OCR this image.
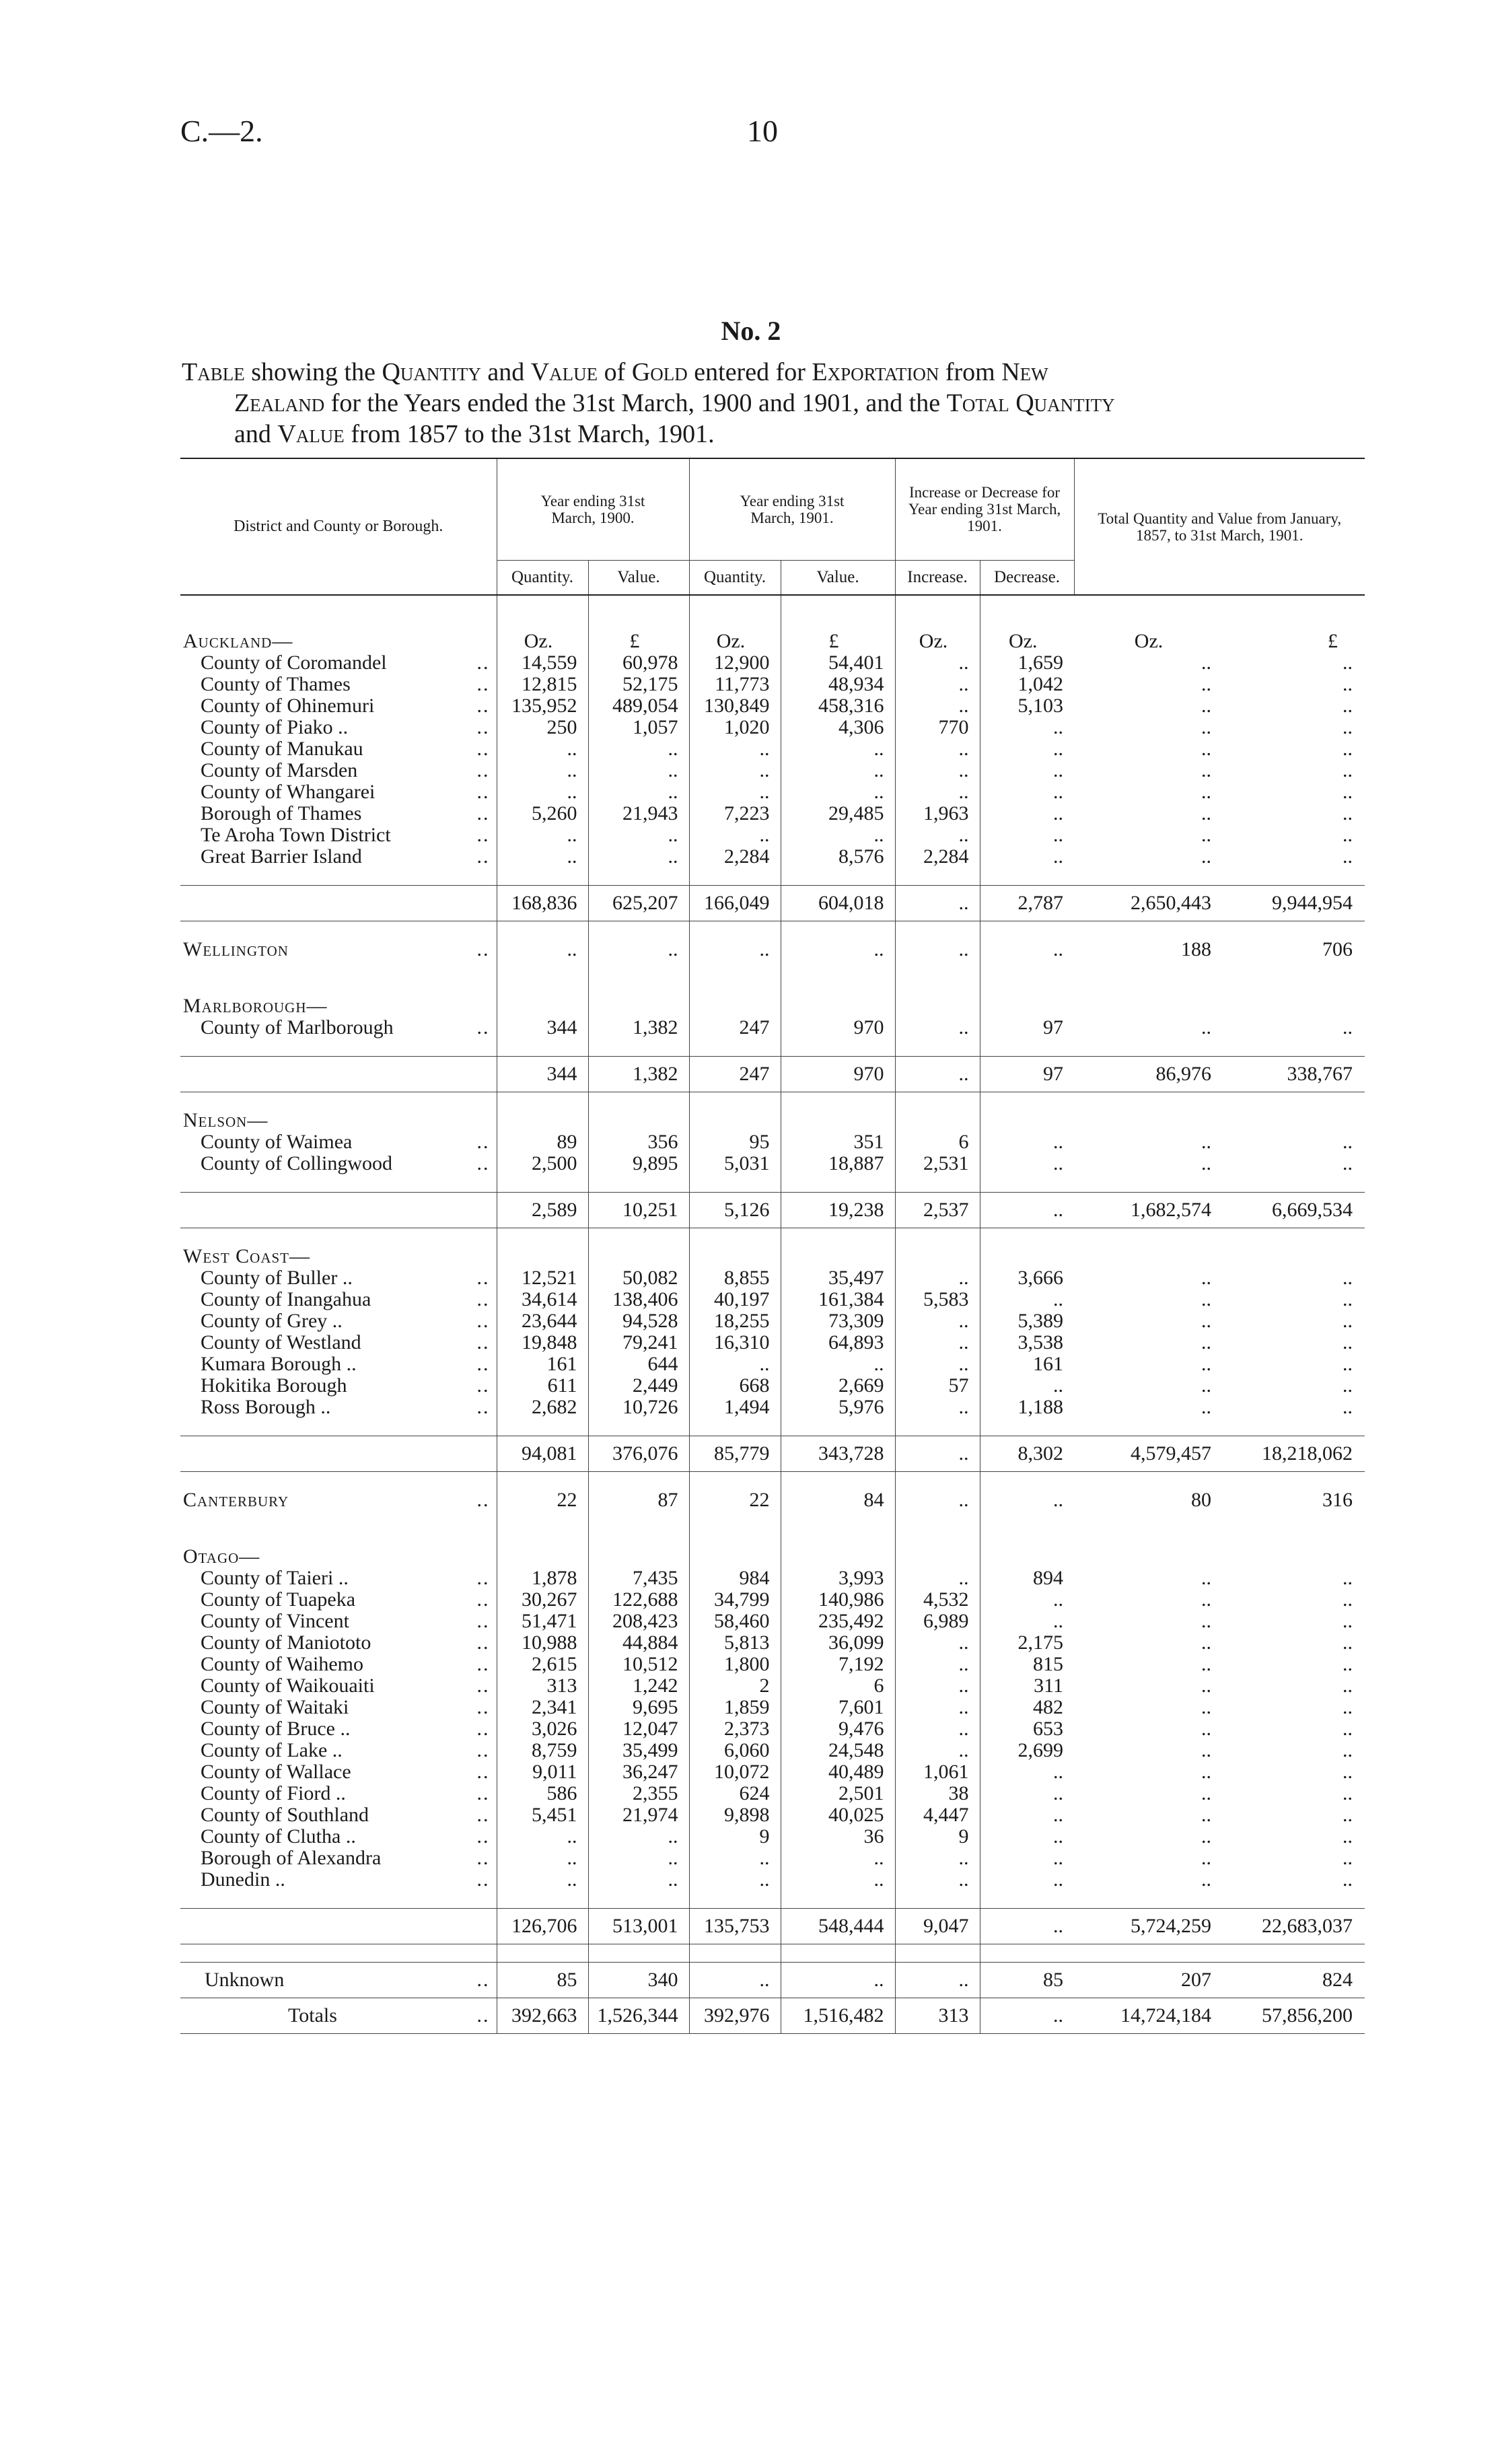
C.—2.	10
No. 2
Table showing the Quantity and Value of Gold entered for Exportation from New

Zealand for the Years ended the 31st March, 1900 and 1901, and the Total Quantity
and Value from 1857 to the 31st March, 1901.
District and County or Borough.	Year ending 31st March, 1900.		Year ending 31st March, 1901.		Increase or Decrease for Year ending 31st March, 1901.		Total Quantity and Value from January, 1857, to 31st March, 1901.	
	Quantity.	Value.	Quantity.	Value.	Increase.	Decrease.		

Auckland—	Oz.	£	Oz.	£	Oz.	Oz.	Oz.	£
County of Coromandel ..	14,559	60,978	12,900	54,401	..	1,659	..	..
County of Thames ..	12,815	52,175	11,773	48,934	..	1,042	..	..
County of Ohinemuri ..	135,952	489,054	130,849	458,316	..	5,103	..	..
County of Piako .. ..	250	1,057	1,020	4,306	770	..	..	..
County of Manukau ..	..	..	..	..	..	..	..	..
County of Marsden ..	..	..	..	..	..	..	..	..
County of Whangarei ..	..	..	..	..	..	..	..	..
Borough of Thames ..	5,260	21,943	7,223	29,485	1,963	..	..	..
Te Aroha Town District ..	..	..	..	..	..	..	..	..
Great Barrier Island ..	..	..	2,284	8,576	2,284	..	..	..

	168,836	625,207	166,049	604,018	..	2,787	2,650,443	9,944,954

Wellington ..	..	..	..	..	..	..	188	706

Marlborough—								
County of Marlborough ..	344	1,382	247	970	..	97	..	..

	344	1,382	247	970	..	97	86,976	338,767

Nelson—								
County of Waimea ..	89	356	95	351	6	..	..	..
County of Collingwood ..	2,500	9,895	5,031	18,887	2,531	..	..	..

	2,589	10,251	5,126	19,238	2,537	..	1,682,574	6,669,534

West Coast—								
County of Buller .. ..	12,521	50,082	8,855	35,497	..	3,666	..	..
County of Inangahua ..	34,614	138,406	40,197	161,384	5,583	..	..	..
County of Grey .. ..	23,644	94,528	18,255	73,309	..	5,389	..	..
County of Westland ..	19,848	79,241	16,310	64,893	..	3,538	..	..
Kumara Borough .. ..	161	644	..	..	..	161	..	..
Hokitika Borough ..	611	2,449	668	2,669	57	..	..	..
Ross Borough .. ..	2,682	10,726	1,494	5,976	..	1,188	..	..

	94,081	376,076	85,779	343,728	..	8,302	4,579,457	18,218,062

Canterbury ..	22	87	22	84	..	..	80	316

Otago—								
County of Taieri .. ..	1,878	7,435	984	3,993	..	894	..	..
County of Tuapeka ..	30,267	122,688	34,799	140,986	4,532	..	..	..
County of Vincent ..	51,471	208,423	58,460	235,492	6,989	..	..	..
County of Maniototo ..	10,988	44,884	5,813	36,099	..	2,175	..	..
County of Waihemo ..	2,615	10,512	1,800	7,192	..	815	..	..
County of Waikouaiti ..	313	1,242	2	6	..	311	..	..
County of Waitaki ..	2,341	9,695	1,859	7,601	..	482	..	..
County of Bruce .. ..	3,026	12,047	2,373	9,476	..	653	..	..
County of Lake .. ..	8,759	35,499	6,060	24,548	..	2,699	..	..
County of Wallace ..	9,011	36,247	10,072	40,489	1,061	..	..	..
County of Fiord .. ..	586	2,355	624	2,501	38	..	..	..
County of Southland ..	5,451	21,974	9,898	40,025	4,447	..	..	..
County of Clutha .. ..	..	..	9	36	9	..	..	..
Borough of Alexandra ..	..	..	..	..	..	..	..	..
Dunedin .. ..	..	..	..	..	..	..	..	..

	126,706	513,001	135,753	548,444	9,047	..	5,724,259	22,683,037

Unknown ..	85	340	..	..	..	85	207	824
Totals ..	392,663	1,526,344	392,976	1,516,482	313	..	14,724,184	57,856,200
